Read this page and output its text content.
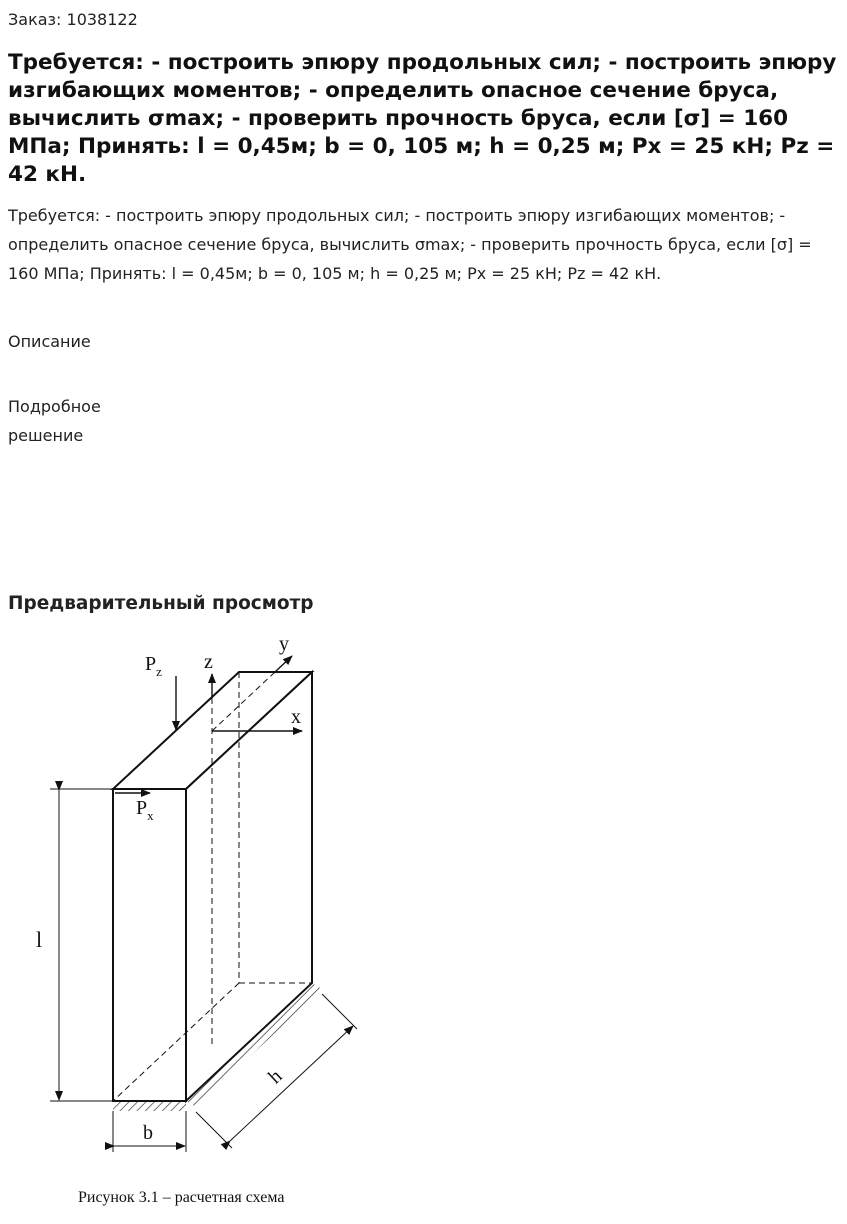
Заказ: 1038122
Требуется: - построить эпюру продольных сил; - построить эпюру изгибающих моментов; - определить опасное сечение бруса, вычислить σmax; - проверить прочность бруса, если [σ] = 160 МПа; Принять: l = 0,45м; b = 0, 105 м; h = 0,25 м; Px = 25 кН; Pz = 42 кН.

Требуется: - построить эпюру продольных сил; - построить эпюру изгибающих моментов; - определить опасное сечение бруса, вычислить σmax; - проверить прочность бруса, если [σ] = 160 МПа; Принять: l = 0,45м; b = 0, 105 м; h = 0,25 м; Px = 25 кН; Pz = 42 кН.

Описание
Подробное решение
Предварительный просмотр
$P_z$
$P_x$
z
x
y
l
b
h
Рисунок 3.1 – расчетная схема
